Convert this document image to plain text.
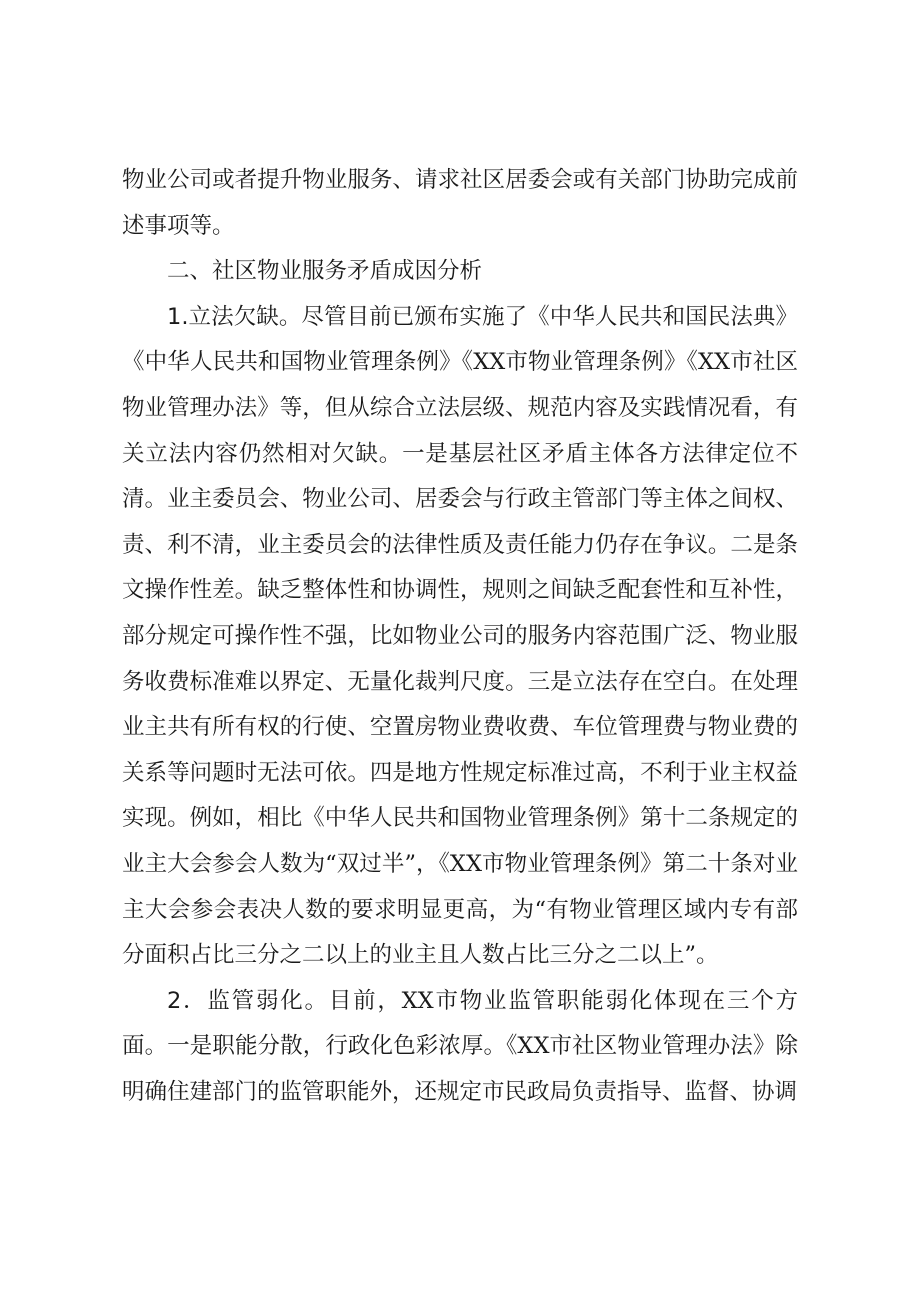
物业公司或者提升物业服务、请求社区居委会或有关部门协助完成前述事项等。

二、社区物业服务矛盾成因分析

1.立法欠缺。尽管目前已颁布实施了《中华人民共和国民法典》《中华人民共和国物业管理条例》《XX市物业管理条例》《XX市社区物业管理办法》等，但从综合立法层级、规范内容及实践情况看，有关立法内容仍然相对欠缺。一是基层社区矛盾主体各方法律定位不清。业主委员会、物业公司、居委会与行政主管部门等主体之间权、责、利不清，业主委员会的法律性质及责任能力仍存在争议。二是条文操作性差。缺乏整体性和协调性，规则之间缺乏配套性和互补性，部分规定可操作性不强，比如物业公司的服务内容范围广泛、物业服务收费标准难以界定、无量化裁判尺度。三是立法存在空白。在处理业主共有所有权的行使、空置房物业费收费、车位管理费与物业费的关系等问题时无法可依。四是地方性规定标准过高，不利于业主权益实现。例如，相比《中华人民共和国物业管理条例》第十二条规定的业主大会参会人数为“双过半”，《XX市物业管理条例》第二十条对业主大会参会表决人数的要求明显更高，为“有物业管理区域内专有部分面积占比三分之二以上的业主且人数占比三分之二以上”。

2．监管弱化。目前，XX市物业监管职能弱化体现在三个方面。一是职能分散，行政化色彩浓厚。《XX市社区物业管理办法》除明确住建部门的监管职能外，还规定市民政局负责指导、监督、协调
